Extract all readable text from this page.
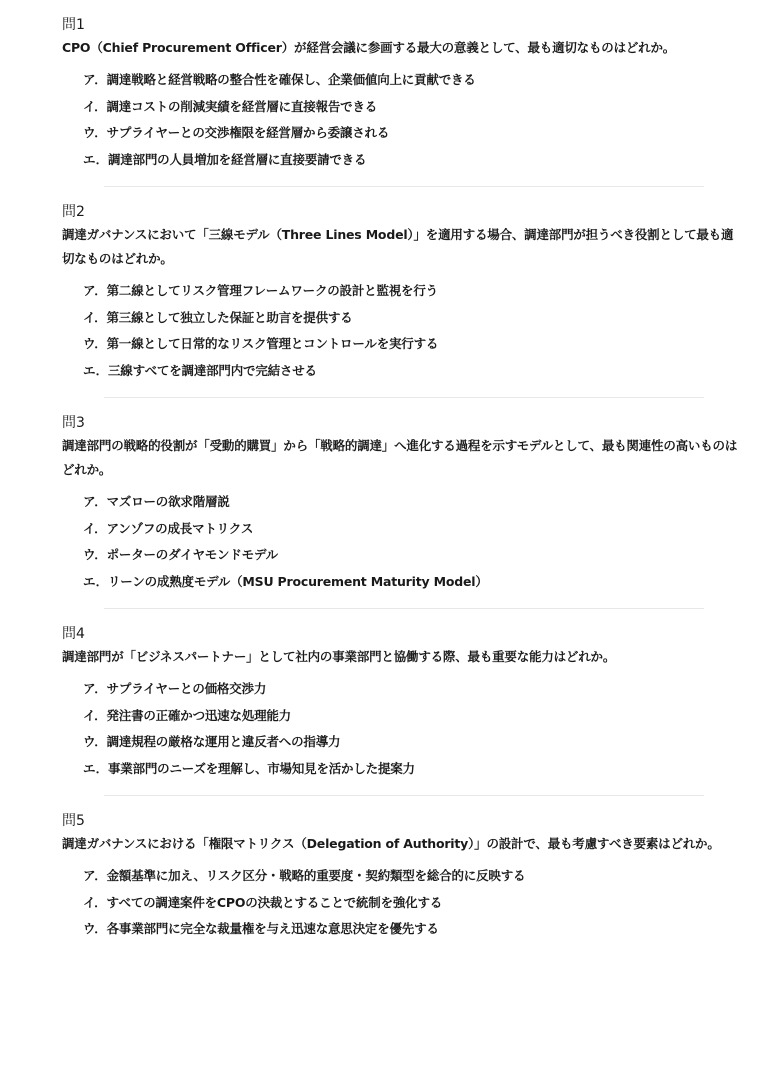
問1
CPO（Chief Procurement Officer）が経営会議に参画する最大の意義として、最も適切なものはどれか。
ア．調達戦略と経営戦略の整合性を確保し、企業価値向上に貢献できる
イ．調達コストの削減実績を経営層に直接報告できる
ウ．サプライヤーとの交渉権限を経営層から委譲される
エ．調達部門の人員増加を経営層に直接要請できる
問2
調達ガバナンスにおいて「三線モデル（Three Lines Model）」を適用する場合、調達部門が担うべき役割として最も適切なものはどれか。
ア．第二線としてリスク管理フレームワークの設計と監視を行う
イ．第三線として独立した保証と助言を提供する
ウ．第一線として日常的なリスク管理とコントロールを実行する
エ．三線すべてを調達部門内で完結させる
問3
調達部門の戦略的役割が「受動的購買」から「戦略的調達」へ進化する過程を示すモデルとして、最も関連性の高いものはどれか。
ア．マズローの欲求階層説
イ．アンゾフの成長マトリクス
ウ．ポーターのダイヤモンドモデル
エ．リーンの成熟度モデル（MSU Procurement Maturity Model）
問4
調達部門が「ビジネスパートナー」として社内の事業部門と協働する際、最も重要な能力はどれか。
ア．サプライヤーとの価格交渉力
イ．発注書の正確かつ迅速な処理能力
ウ．調達規程の厳格な運用と違反者への指導力
エ．事業部門のニーズを理解し、市場知見を活かした提案力
問5
調達ガバナンスにおける「権限マトリクス（Delegation of Authority）」の設計で、最も考慮すべき要素はどれか。
ア．金額基準に加え、リスク区分・戦略的重要度・契約類型を総合的に反映する
イ．すべての調達案件をCPOの決裁とすることで統制を強化する
ウ．各事業部門に完全な裁量権を与え迅速な意思決定を優先する
